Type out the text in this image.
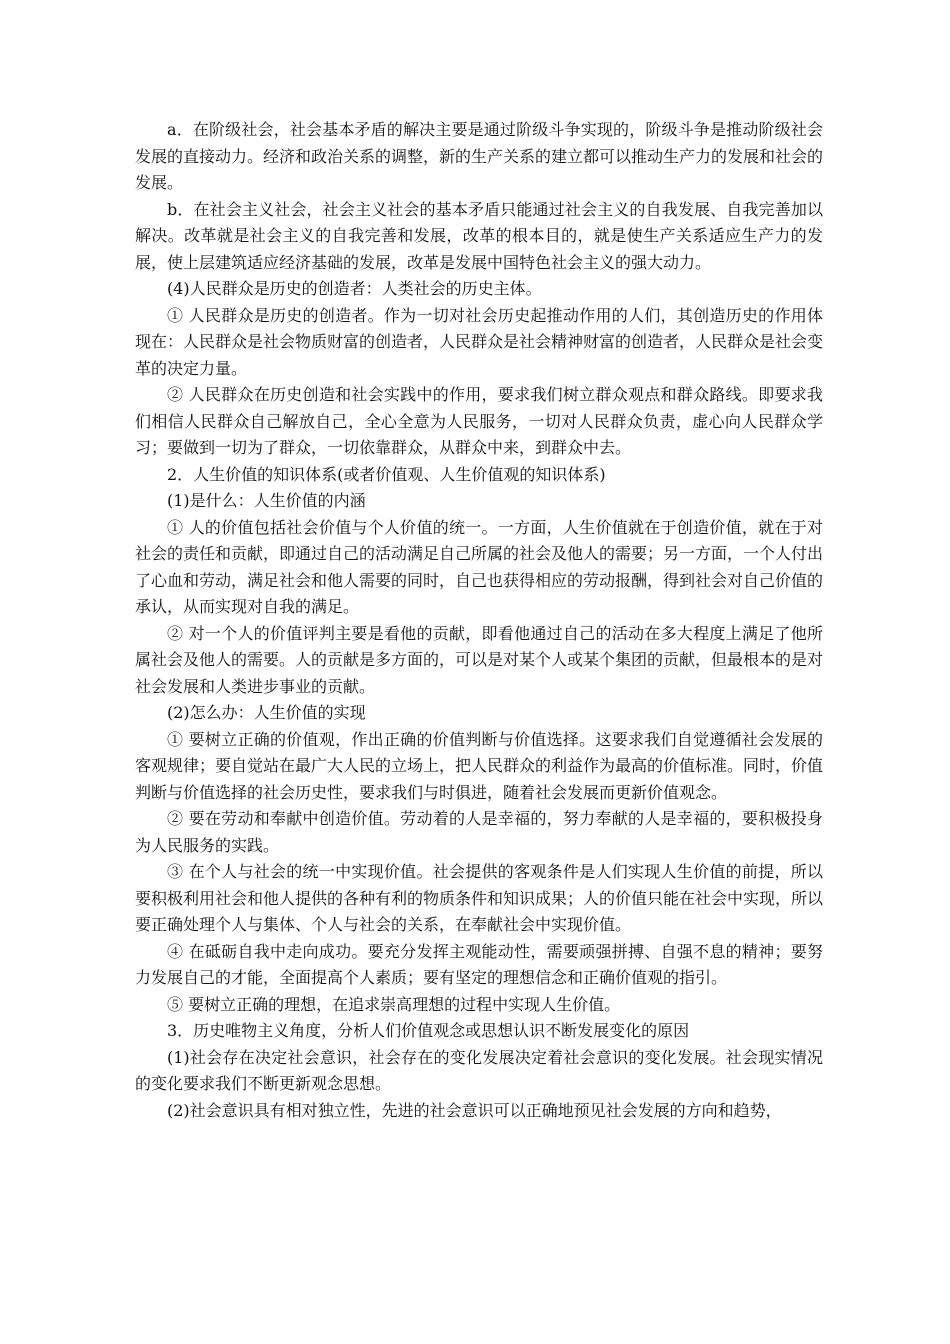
a．在阶级社会，社会基本矛盾的解决主要是通过阶级斗争实现的，阶级斗争是推动阶级社会发展的直接动力。经济和政治关系的调整，新的生产关系的建立都可以推动生产力的发展和社会的发展。

b．在社会主义社会，社会主义社会的基本矛盾只能通过社会主义的自我发展、自我完善加以解决。改革就是社会主义的自我完善和发展，改革的根本目的，就是使生产关系适应生产力的发展，使上层建筑适应经济基础的发展，改革是发展中国特色社会主义的强大动力。

(4)人民群众是历史的创造者：人类社会的历史主体。

① 人民群众是历史的创造者。作为一切对社会历史起推动作用的人们，其创造历史的作用体现在：人民群众是社会物质财富的创造者，人民群众是社会精神财富的创造者，人民群众是社会变革的决定力量。

② 人民群众在历史创造和社会实践中的作用，要求我们树立群众观点和群众路线。即要求我们相信人民群众自己解放自己，全心全意为人民服务，一切对人民群众负责，虚心向人民群众学习；要做到一切为了群众，一切依靠群众，从群众中来，到群众中去。

2．人生价值的知识体系(或者价值观、人生价值观的知识体系)

(1)是什么：人生价值的内涵

① 人的价值包括社会价值与个人价值的统一。一方面，人生价值就在于创造价值，就在于对社会的责任和贡献，即通过自己的活动满足自己所属的社会及他人的需要；另一方面，一个人付出了心血和劳动，满足社会和他人需要的同时，自己也获得相应的劳动报酬，得到社会对自己价值的承认，从而实现对自我的满足。

② 对一个人的价值评判主要是看他的贡献，即看他通过自己的活动在多大程度上满足了他所属社会及他人的需要。人的贡献是多方面的，可以是对某个人或某个集团的贡献，但最根本的是对社会发展和人类进步事业的贡献。

(2)怎么办：人生价值的实现

① 要树立正确的价值观，作出正确的价值判断与价值选择。这要求我们自觉遵循社会发展的客观规律；要自觉站在最广大人民的立场上，把人民群众的利益作为最高的价值标准。同时，价值判断与价值选择的社会历史性，要求我们与时俱进，随着社会发展而更新价值观念。

② 要在劳动和奉献中创造价值。劳动着的人是幸福的，努力奉献的人是幸福的，要积极投身为人民服务的实践。

③ 在个人与社会的统一中实现价值。社会提供的客观条件是人们实现人生价值的前提，所以要积极利用社会和他人提供的各种有利的物质条件和知识成果；人的价值只能在社会中实现，所以要正确处理个人与集体、个人与社会的关系，在奉献社会中实现价值。

④ 在砥砺自我中走向成功。要充分发挥主观能动性，需要顽强拼搏、自强不息的精神；要努力发展自己的才能，全面提高个人素质；要有坚定的理想信念和正确价值观的指引。

⑤ 要树立正确的理想，在追求崇高理想的过程中实现人生价值。

3．历史唯物主义角度，分析人们价值观念或思想认识不断发展变化的原因

(1)社会存在决定社会意识，社会存在的变化发展决定着社会意识的变化发展。社会现实情况的变化要求我们不断更新观念思想。

(2)社会意识具有相对独立性，先进的社会意识可以正确地预见社会发展的方向和趋势，
